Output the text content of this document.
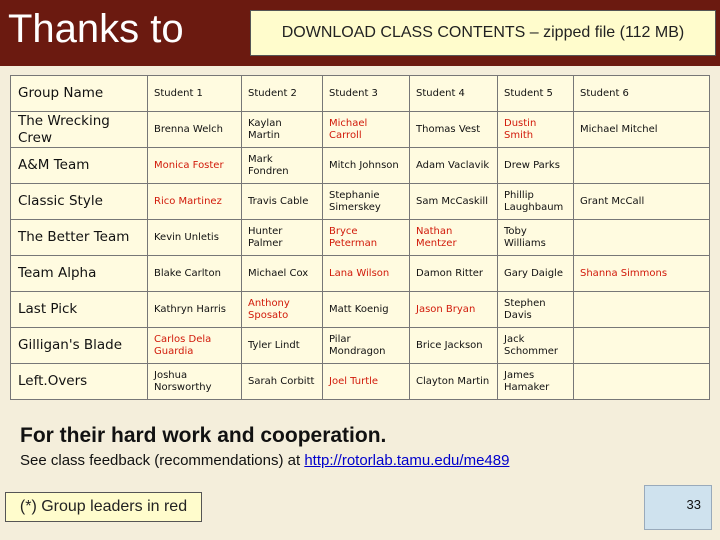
Thanks to	DOWNLOAD CLASS CONTENTS – zipped file (112 MB)
Group Name	Student 1	Student 2	Student 3	Student 4	Student 5	Student 6
The Wrecking Crew	Brenna Welch	Kaylan Martin	Michael Carroll	Thomas Vest	Dustin Smith	Michael Mitchel
A&M Team	Monica Foster	Mark Fondren	Mitch Johnson	Adam Vaclavik	Drew Parks	
Classic Style	Rico Martinez	Travis Cable	Stephanie Simerskey	Sam McCaskill	Phillip Laughbaum	Grant McCall
The Better Team	Kevin Unletis	Hunter Palmer	Bryce Peterman	Nathan Mentzer	Toby Williams	
Team Alpha	Blake Carlton	Michael Cox	Lana Wilson	Damon Ritter	Gary Daigle	Shanna Simmons
Last Pick	Kathryn Harris	Anthony Sposato	Matt Koenig	Jason Bryan	Stephen Davis	
Gilligan's Blade	Carlos Dela Guardia	Tyler Lindt	Pilar Mondragon	Brice Jackson	Jack Schommer	
Left.Overs	Joshua Norsworthy	Sarah Corbitt	Joel Turtle	Clayton Martin	James Hamaker	
For their hard work and cooperation.
See class feedback (recommendations) at http://rotorlab.tamu.edu/me489
(*) Group leaders in red	33
